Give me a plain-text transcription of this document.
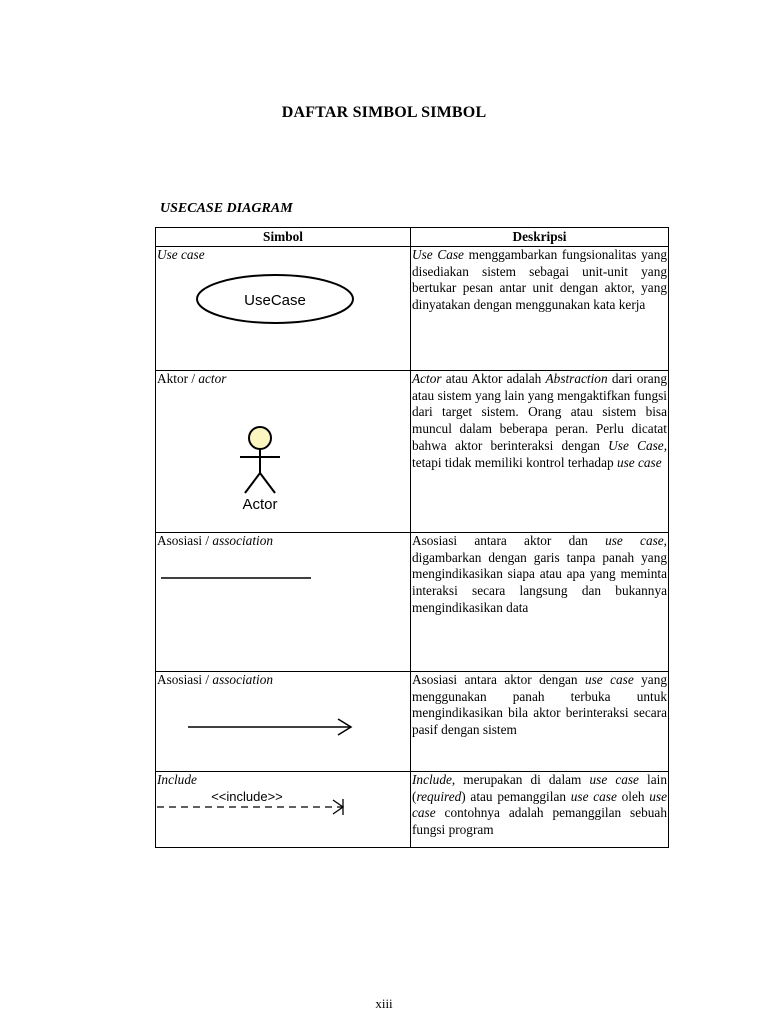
DAFTAR SIMBOL SIMBOL
USECASE DIAGRAM
Simbol	Deskripsi

Use case
UseCase	Use Case menggambarkan fungsionalitas yang disediakan sistem sebagai unit-unit yang bertukar pesan antar unit dengan aktor, yang dinyatakan dengan menggunakan kata kerja

Aktor / actor
Actor	Actor atau Aktor adalah Abstraction dari orang atau sistem yang lain yang mengaktifkan fungsi dari target sistem. Orang atau sistem bisa muncul dalam beberapa peran. Perlu dicatat bahwa aktor berinteraksi dengan Use Case, tetapi tidak memiliki kontrol terhadap use case

Asosiasi / association	Asosiasi antara aktor dan use case, digambarkan dengan garis tanpa panah yang mengindikasikan siapa atau apa yang meminta interaksi secara langsung dan bukannya mengindikasikan data

Asosiasi / association	Asosiasi antara aktor dengan use case yang menggunakan panah terbuka untuk mengindikasikan bila aktor berinteraksi secara pasif dengan sistem

Include
<<include>>	Include, merupakan di dalam use case lain (required) atau pemanggilan use case oleh use case contohnya adalah pemanggilan sebuah fungsi program
xiii
